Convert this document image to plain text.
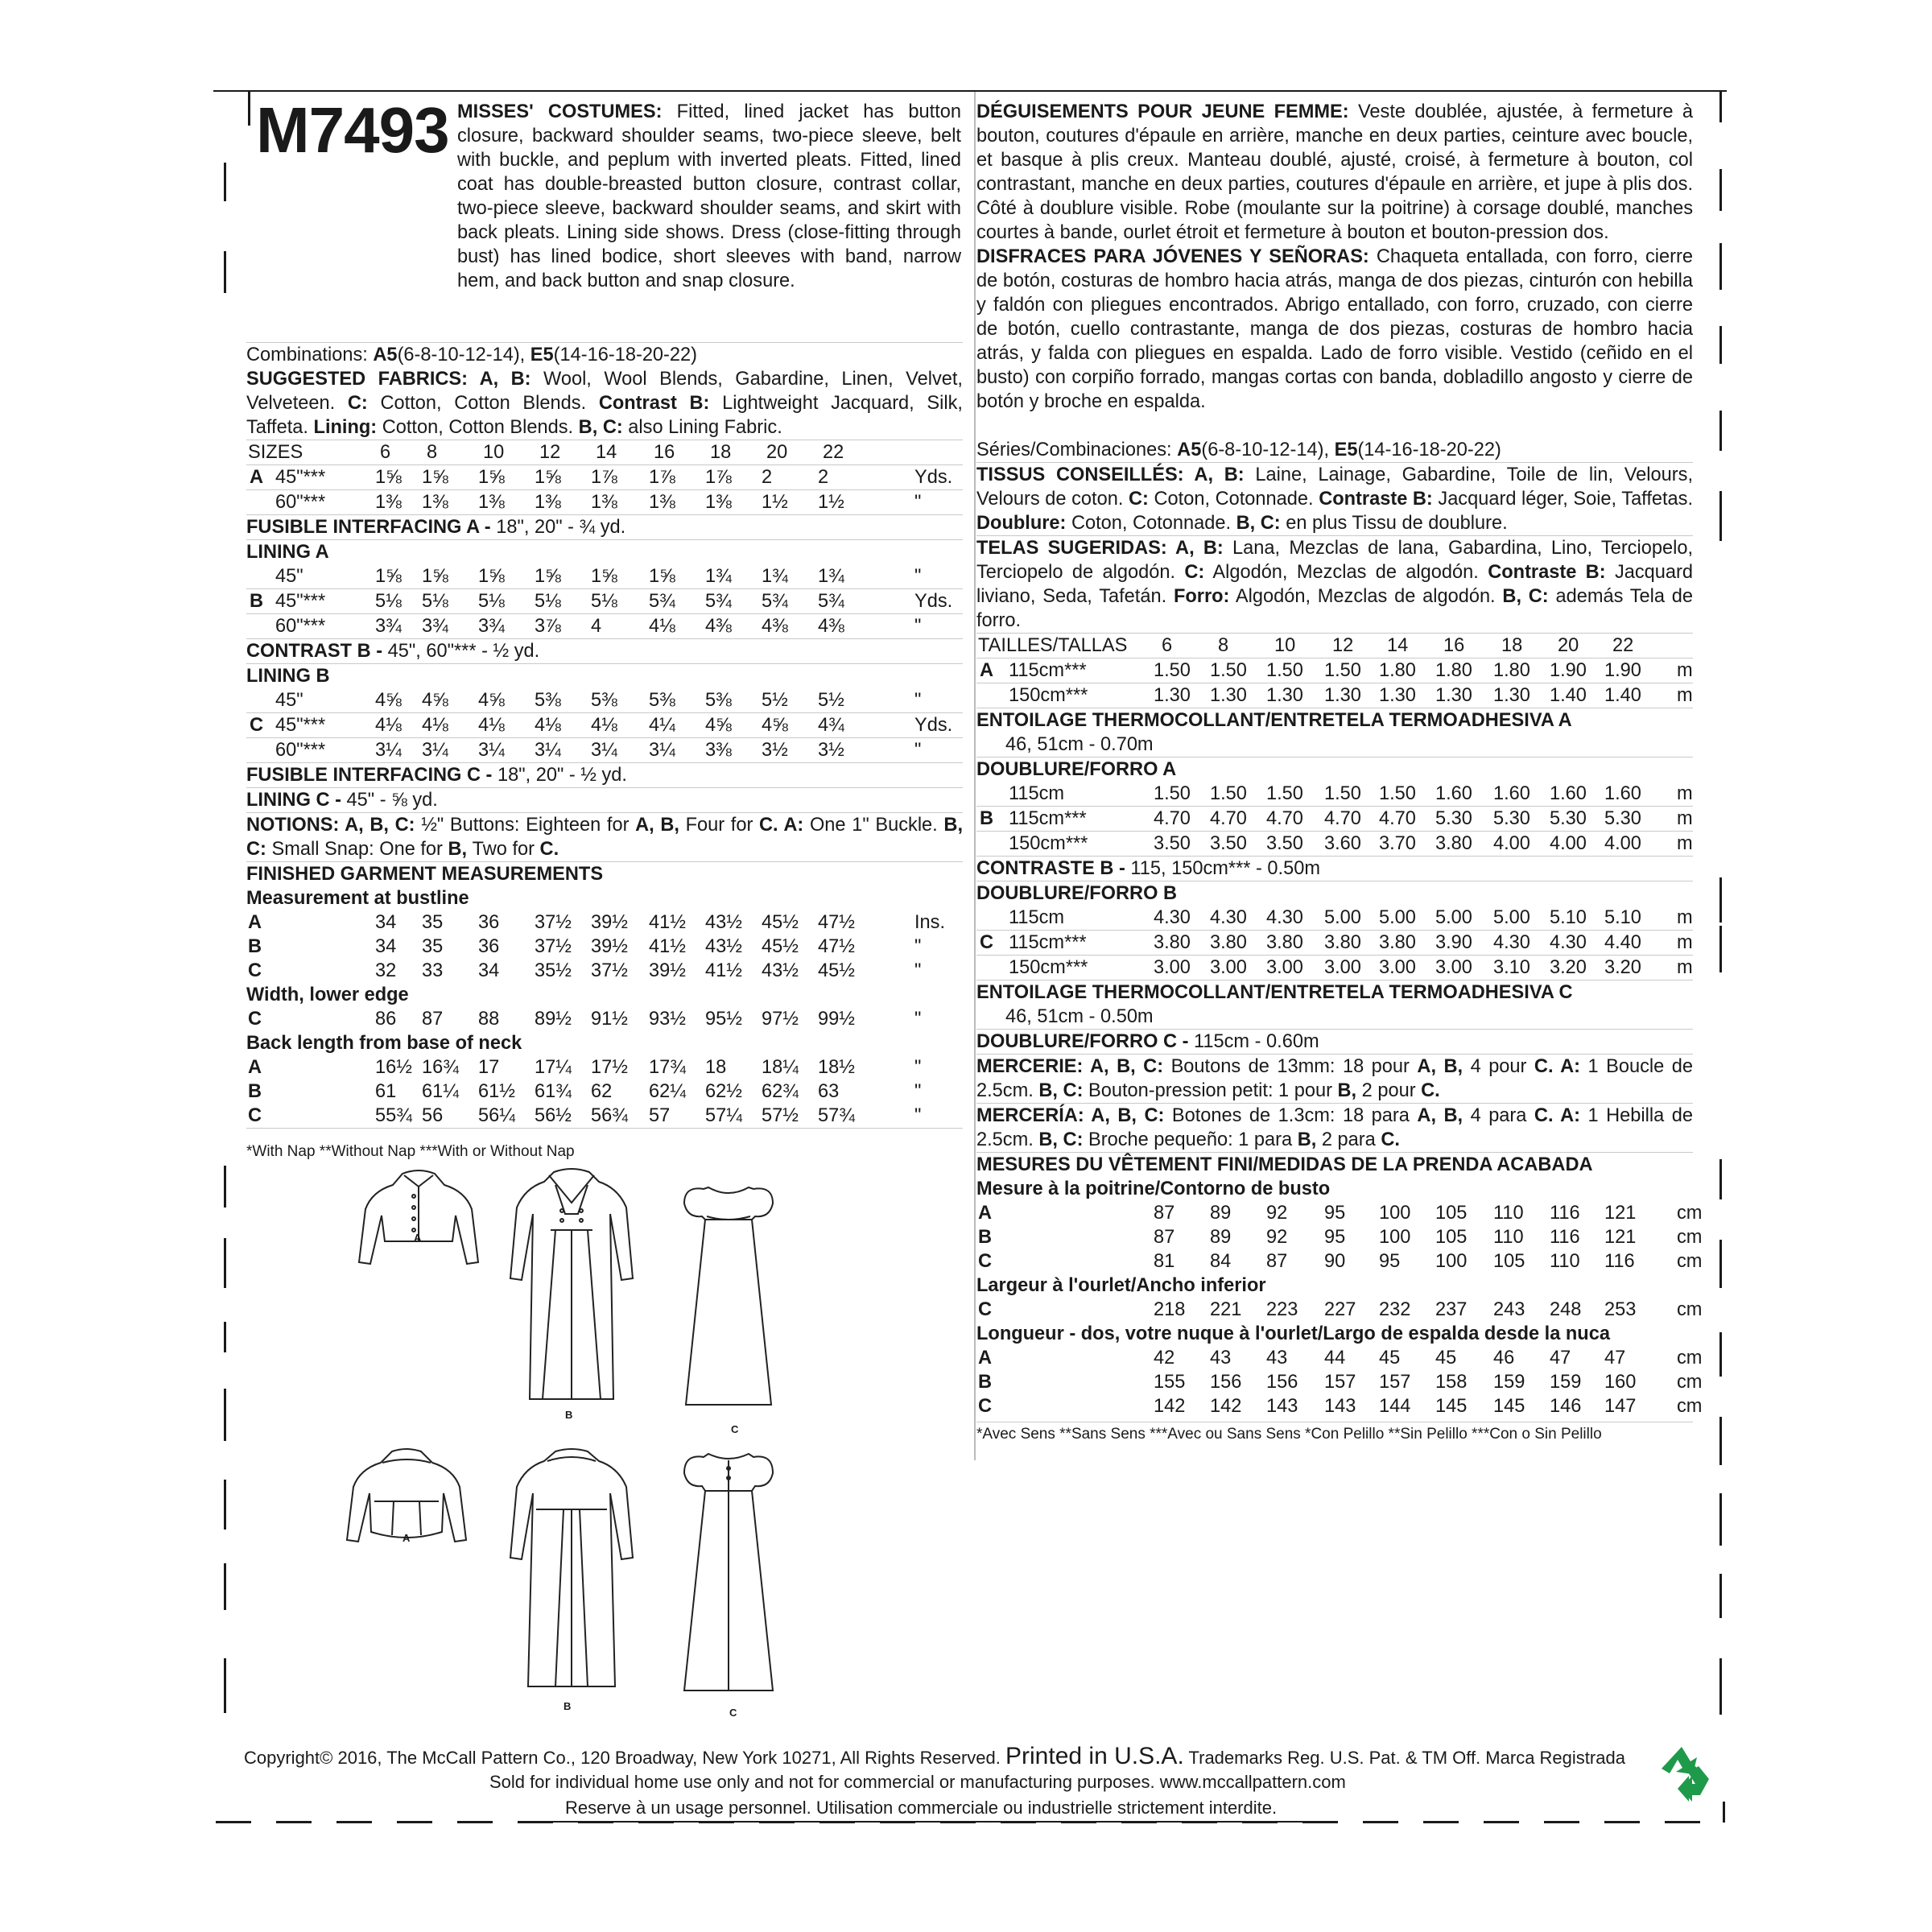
M7493 MISSES' COSTUMES: Fitted, lined jacket has button closure, backward shoulder seams, two-piece sleeve, belt with buckle, and peplum with inverted pleats. Fitted, lined coat has double-breasted button closure, contrast collar, two-piece sleeve, backward shoulder seams, and skirt with back pleats. Lining side shows. Dress (close-fitting through bust) has lined bodice, short sleeves with band, narrow hem, and back button and snap closure.
Combinations: A5(6-8-10-12-14), E5(14-16-18-20-22)
SUGGESTED FABRICS: A, B: Wool, Wool Blends, Gabardine, Linen, Velvet, Velveteen. C: Cotton, Cotton Blends. Contrast B: Lightweight Jacquard, Silk, Taffeta. Lining: Cotton, Cotton Blends. B, C: also Lining Fabric.
SIZES	6 8 10 12 14 16 18 20 22
A 45"***	1⅝ 1⅝ 1⅝ 1⅝ 1⅞ 1⅞ 1⅞ 2 2	Yds.
60"***	1⅜ 1⅜ 1⅜ 1⅜ 1⅜ 1⅜ 1⅜ 1½ 1½	"
FUSIBLE INTERFACING A - 18", 20" - ¾ yd.
LINING A
45"	1⅝ 1⅝ 1⅝ 1⅝ 1⅝ 1⅝ 1¾ 1¾ 1¾	"
B 45"***	5⅛ 5⅛ 5⅛ 5⅛ 5⅛ 5¾ 5¾ 5¾ 5¾	Yds.
60"***	3¾ 3¾ 3¾ 3⅞ 4 4⅛ 4⅜ 4⅜ 4⅜	"
CONTRAST B - 45", 60"*** - ½ yd.
LINING B
45"	4⅝ 4⅝ 4⅝ 5⅜ 5⅜ 5⅜ 5⅜ 5½ 5½	"
C 45"***	4⅛ 4⅛ 4⅛ 4⅛ 4⅛ 4¼ 4⅝ 4⅝ 4¾	Yds.
60"***	3¼ 3¼ 3¼ 3¼ 3¼ 3¼ 3⅜ 3½ 3½	"
FUSIBLE INTERFACING C - 18", 20" - ½ yd.
LINING C - 45" - ⅝ yd.
NOTIONS: A, B, C: ½" Buttons: Eighteen for A, B, Four for C. A: One 1" Buckle. B, C: Small Snap: One for B, Two for C.
FINISHED GARMENT MEASUREMENTS
Measurement at bustline
A	34 35 36 37½ 39½ 41½ 43½ 45½ 47½	Ins.
B	34 35 36 37½ 39½ 41½ 43½ 45½ 47½	"
C	32 33 34 35½ 37½ 39½ 41½ 43½ 45½	"
Width, lower edge
C	86 87 88 89½ 91½ 93½ 95½ 97½ 99½	"
Back length from base of neck
A	16½ 16¾ 17 17¼ 17½ 17¾ 18 18¼ 18½	"
B	61 61¼ 61½ 61¾ 62 62¼ 62½ 62¾ 63	"
C	55¾ 56 56¼ 56½ 56¾ 57 57¼ 57½ 57¾	"
*With Nap **Without Nap ***With or Without Nap
DÉGUISEMENTS POUR JEUNE FEMME: Veste doublée, ajustée, à fermeture à bouton, coutures d'épaule en arrière, manche en deux parties, ceinture avec boucle, et basque à plis creux. Manteau doublé, ajusté, croisé, à fermeture à bouton, col contrastant, manche en deux parties, coutures d'épaule en arrière, et jupe à plis dos. Côté à doublure visible. Robe (moulante sur la poitrine) à corsage doublé, manches courtes à bande, ourlet étroit et fermeture à bouton et bouton-pression dos.
DISFRACES PARA JÓVENES Y SEÑORAS: Chaqueta entallada, con forro, cierre de botón, costuras de hombro hacia atrás, manga de dos piezas, cinturón con hebilla y faldón con pliegues encontrados. Abrigo entallado, con forro, cruzado, con cierre de botón, cuello contrastante, manga de dos piezas, costuras de hombro hacia atrás, y falda con pliegues en espalda. Lado de forro visible. Vestido (ceñido en el busto) con corpiño forrado, mangas cortas con banda, dobladillo angosto y cierre de botón y broche en espalda.
Séries/Combinaciones: A5(6-8-10-12-14), E5(14-16-18-20-22)
TISSUS CONSEILLÉS: A, B: Laine, Lainage, Gabardine, Toile de lin, Velours, Velours de coton. C: Coton, Cotonnade. Contraste B: Jacquard léger, Soie, Taffetas. Doublure: Coton, Cotonnade. B, C: en plus Tissu de doublure.
TELAS SUGERIDAS: A, B: Lana, Mezclas de lana, Gabardina, Lino, Terciopelo, Terciopelo de algodón. C: Algodón, Mezclas de algodón. Contraste B: Jacquard liviano, Seda, Tafetán. Forro: Algodón, Mezclas de algodón. B, C: además Tela de forro.
TAILLES/TALLAS 6 8 10 12 14 16 18 20 22
A 115cm***	1.50 1.50 1.50 1.50 1.80 1.80 1.80 1.90 1.90 m
150cm***	1.30 1.30 1.30 1.30 1.30 1.30 1.30 1.40 1.40 m
ENTOILAGE THERMOCOLLANT/ENTRETELA TERMOADHESIVA A
46, 51cm - 0.70m
DOUBLURE/FORRO A
115cm	1.50 1.50 1.50 1.50 1.50 1.60 1.60 1.60 1.60 m
B 115cm***	4.70 4.70 4.70 4.70 4.70 5.30 5.30 5.30 5.30 m
150cm***	3.50 3.50 3.50 3.60 3.70 3.80 4.00 4.00 4.00 m
CONTRASTE B - 115, 150cm*** - 0.50m
DOUBLURE/FORRO B
115cm	4.30 4.30 4.30 5.00 5.00 5.00 5.00 5.10 5.10 m
C 115cm***	3.80 3.80 3.80 3.80 3.80 3.90 4.30 4.30 4.40 m
150cm***	3.00 3.00 3.00 3.00 3.00 3.00 3.10 3.20 3.20 m
ENTOILAGE THERMOCOLLANT/ENTRETELA TERMOADHESIVA C
46, 51cm - 0.50m
DOUBLURE/FORRO C - 115cm - 0.60m
MERCERIE: A, B, C: Boutons de 13mm: 18 pour A, B, 4 pour C. A: 1 Boucle de 2.5cm. B, C: Bouton-pression petit: 1 pour B, 2 pour C.
MERCERÍA: A, B, C: Botones de 1.3cm: 18 para A, B, 4 para C. A: 1 Hebilla de 2.5cm. B, C: Broche pequeño: 1 para B, 2 para C.
MESURES DU VÊTEMENT FINI/MEDIDAS DE LA PRENDA ACABADA
Mesure à la poitrine/Contorno de busto
A	87 89 92 95 100 105 110 116 121 cm
B	87 89 92 95 100 105 110 116 121 cm
C	81 84 87 90 95 100 105 110 116 cm
Largeur à l'ourlet/Ancho inferior
C	218 221 223 227 232 237 243 248 253 cm
Longueur - dos, votre nuque à l'ourlet/Largo de espalda desde la nuca
A	42 43 43 44 45 45 46 47 47	cm
B	155 156 156 157 157 158 159 159 160 cm
C	142 142 143 143 144 145 145 146 147 cm
*Avec Sens **Sans Sens ***Avec ou Sans Sens *Con Pelillo **Sin Pelillo ***Con o Sin Pelillo
A
B
C
A
B
C
Copyright© 2016, The McCall Pattern Co., 120 Broadway, New York 10271, All Rights Reserved. Printed in U.S.A. Trademarks Reg. U.S. Pat. & TM Off. Marca Registrada
Sold for individual home use only and not for commercial or manufacturing purposes. www.mccallpattern.com
Reserve à un usage personnel. Utilisation commerciale ou industrielle strictement interdite.
